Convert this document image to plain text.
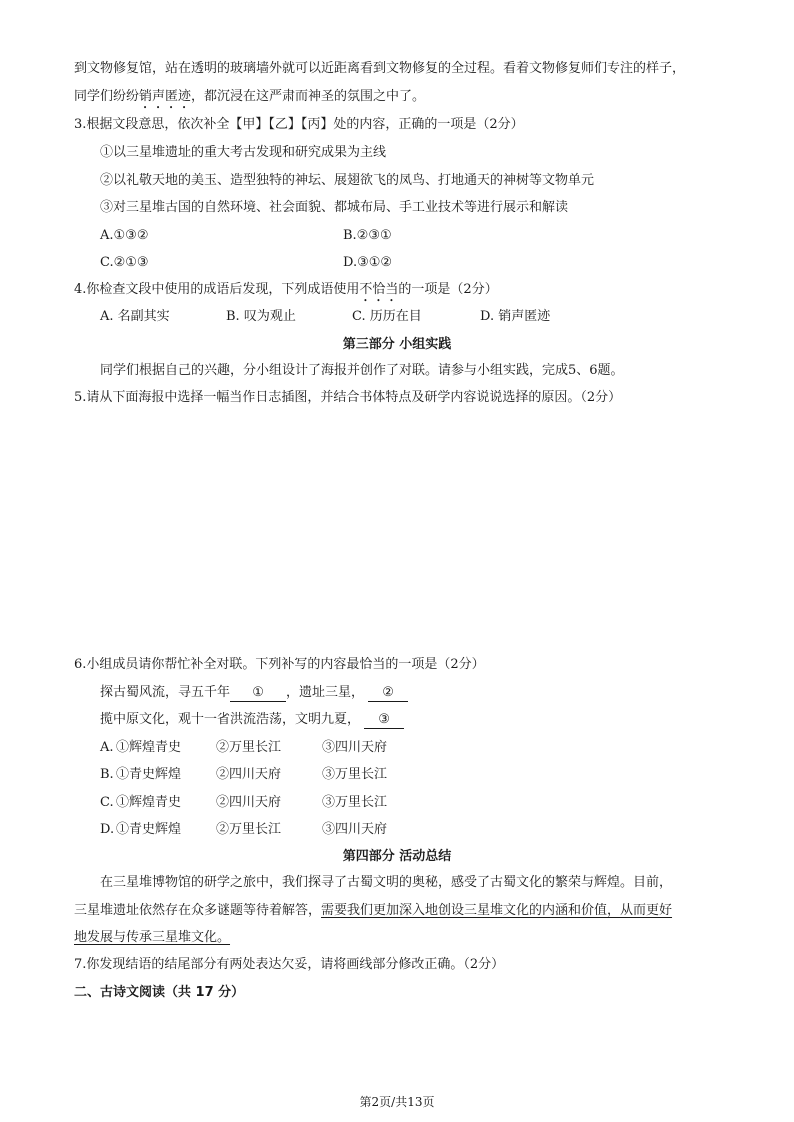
到文物修复馆，站在透明的玻璃墙外就可以近距离看到文物修复的全过程。看着文物修复师们专注的样子，
同学们纷纷销声匿迹，都沉浸在这严肃而神圣的氛围之中了。
3.根据文段意思，依次补全【甲】【乙】【丙】处的内容，正确的一项是（2分）
①以三星堆遗址的重大考古发现和研究成果为主线
②以礼敬天地的美玉、造型独特的神坛、展翅欲飞的凤鸟、打地通天的神树等文物单元
③对三星堆古国的自然环境、社会面貌、都城布局、手工业技术等进行展示和解读
A.①③②	B.②③①
C.②①③	D.③①②
4.你检查文段中使用的成语后发现，下列成语使用不恰当的一项是（2分）
A. 名副其实	B. 叹为观止	C. 历历在目	D. 销声匿迹
第三部分 小组实践
同学们根据自己的兴趣，分小组设计了海报并创作了对联。请参与小组实践，完成5、6题。
5.请从下面海报中选择一幅当作日志插图，并结合书体特点及研学内容说说选择的原因。（2分）
6.小组成员请你帮忙补全对联。下列补写的内容最恰当的一项是（2分）
探古蜀风流，寻五千年 ① ，遗址三星， ②
揽中原文化，观十一省洪流浩荡，文明九夏， ③
A. ①辉煌青史	②万里长江	③四川天府
B. ①青史辉煌	②四川天府	③万里长江
C. ①辉煌青史	②四川天府	③万里长江
D. ①青史辉煌	②万里长江	③四川天府
第四部分 活动总结
在三星堆博物馆的研学之旅中，我们探寻了古蜀文明的奥秘，感受了古蜀文化的繁荣与辉煌。目前，
三星堆遗址依然存在众多谜题等待着解答，需要我们更加深入地创设三星堆文化的内涵和价值，从而更好
地发展与传承三星堆文化。
7.你发现结语的结尾部分有两处表达欠妥，请将画线部分修改正确。（2分）
二、古诗文阅读（共 17 分）
第2页/共13页
